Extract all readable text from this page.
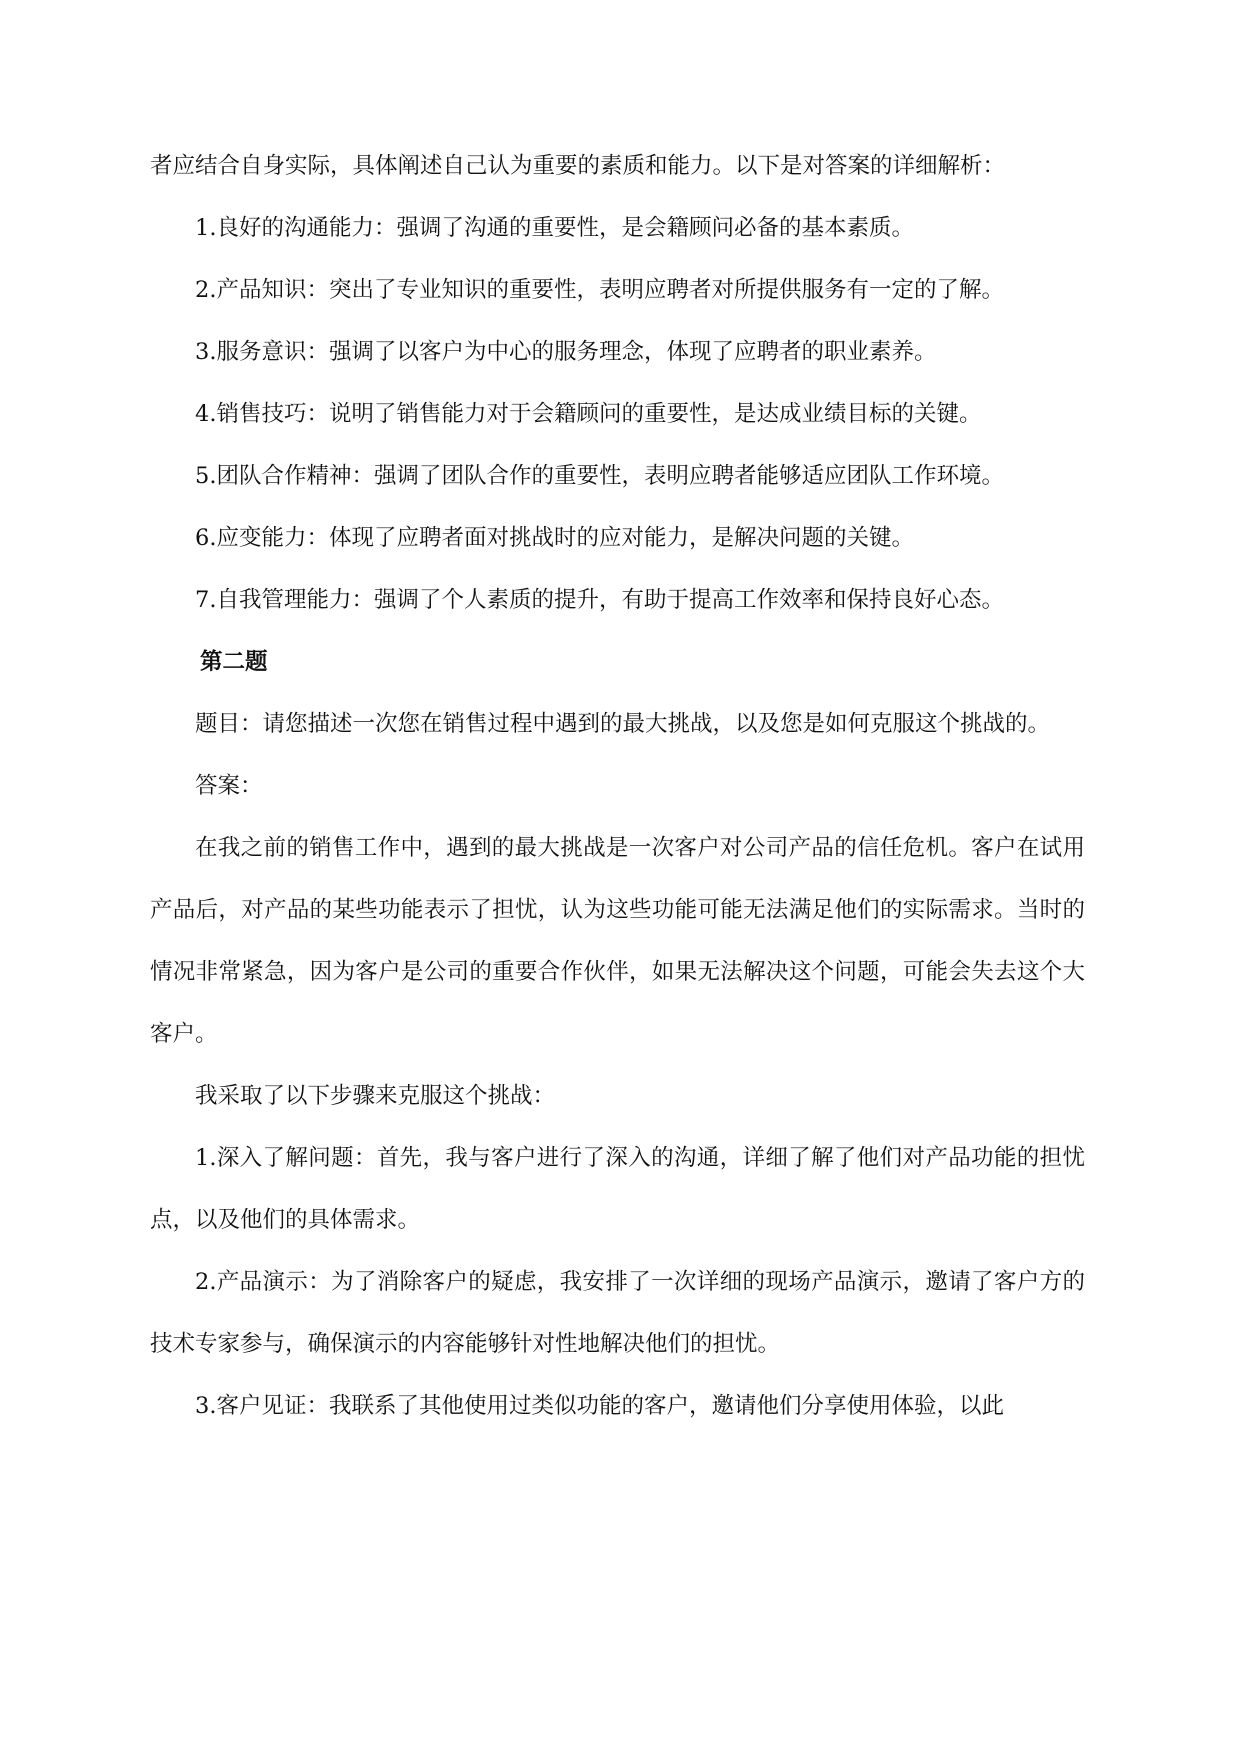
者应结合自身实际，具体阐述自己认为重要的素质和能力。以下是对答案的详细解析：

1.良好的沟通能力：强调了沟通的重要性，是会籍顾问必备的基本素质。

2.产品知识：突出了专业知识的重要性，表明应聘者对所提供服务有一定的了解。

3.服务意识：强调了以客户为中心的服务理念，体现了应聘者的职业素养。

4.销售技巧：说明了销售能力对于会籍顾问的重要性，是达成业绩目标的关键。

5.团队合作精神：强调了团队合作的重要性，表明应聘者能够适应团队工作环境。

6.应变能力：体现了应聘者面对挑战时的应对能力，是解决问题的关键。

7.自我管理能力：强调了个人素质的提升，有助于提高工作效率和保持良好心态。

第二题

题目：请您描述一次您在销售过程中遇到的最大挑战，以及您是如何克服这个挑战的。

答案：

在我之前的销售工作中，遇到的最大挑战是一次客户对公司产品的信任危机。客户在试用产品后，对产品的某些功能表示了担忧，认为这些功能可能无法满足他们的实际需求。当时的情况非常紧急，因为客户是公司的重要合作伙伴，如果无法解决这个问题，可能会失去这个大客户。

我采取了以下步骤来克服这个挑战：

1.深入了解问题：首先，我与客户进行了深入的沟通，详细了解了他们对产品功能的担忧点，以及他们的具体需求。

2.产品演示：为了消除客户的疑虑，我安排了一次详细的现场产品演示，邀请了客户方的技术专家参与，确保演示的内容能够针对性地解决他们的担忧。

3.客户见证：我联系了其他使用过类似功能的客户，邀请他们分享使用体验，以此
